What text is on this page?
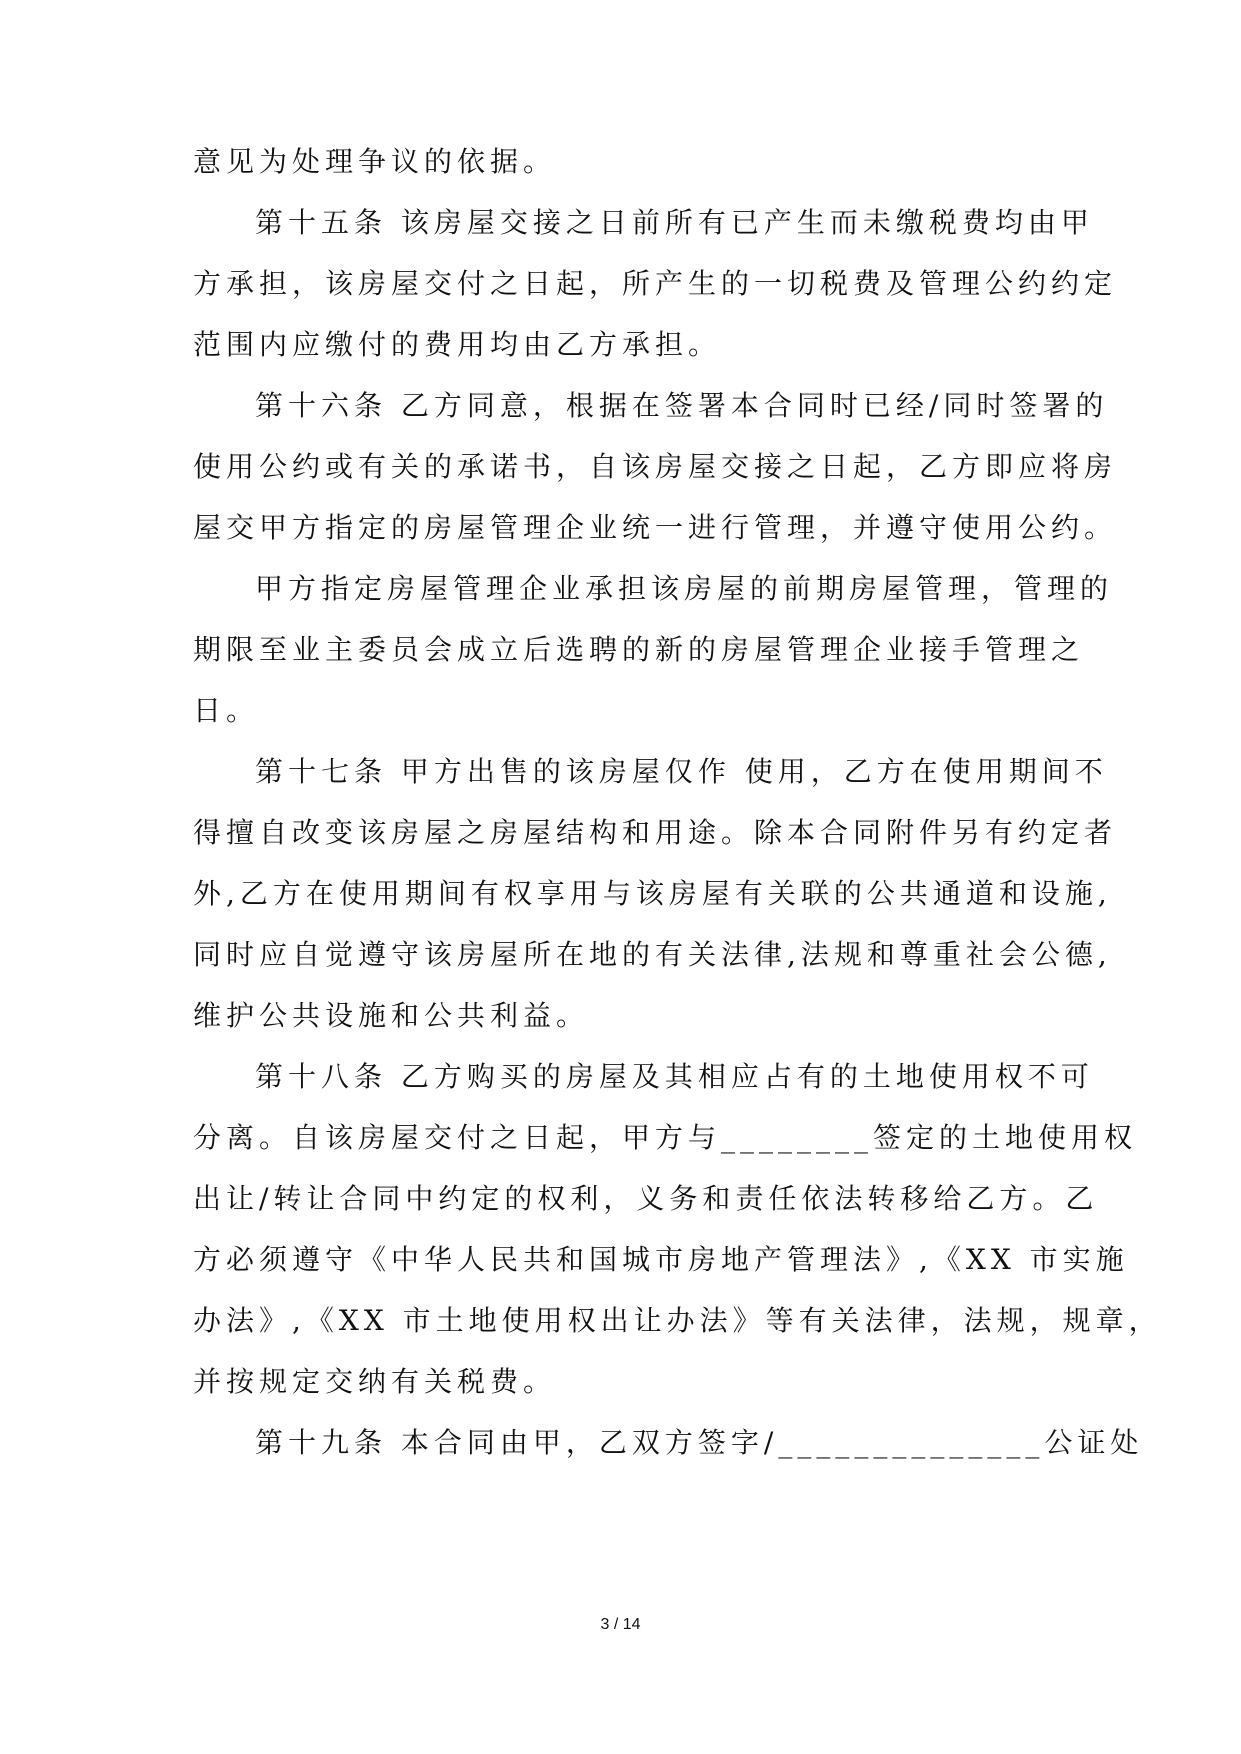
意见为处理争议的依据。
第十五条 该房屋交接之日前所有已产生而未缴税费均由甲
方承担，该房屋交付之日起，所产生的一切税费及管理公约约定
范围内应缴付的费用均由乙方承担。
第十六条 乙方同意，根据在签署本合同时已经/同时签署的
使用公约或有关的承诺书，自该房屋交接之日起，乙方即应将房
屋交甲方指定的房屋管理企业统一进行管理，并遵守使用公约。
甲方指定房屋管理企业承担该房屋的前期房屋管理，管理的
期限至业主委员会成立后选聘的新的房屋管理企业接手管理之
日。
第十七条 甲方出售的该房屋仅作 使用，乙方在使用期间不
得擅自改变该房屋之房屋结构和用途。除本合同附件另有约定者
外,乙方在使用期间有权享用与该房屋有关联的公共通道和设施,
同时应自觉遵守该房屋所在地的有关法律,法规和尊重社会公德,
维护公共设施和公共利益。
第十八条 乙方购买的房屋及其相应占有的土地使用权不可
分离。自该房屋交付之日起，甲方与________签定的土地使用权
出让/转让合同中约定的权利，义务和责任依法转移给乙方。乙
方必须遵守《中华人民共和国城市房地产管理法》,《XX 市实施
办法》,《XX 市土地使用权出让办法》等有关法律，法规，规章，
并按规定交纳有关税费。
第十九条 本合同由甲，乙双方签字/______________公证处
3 / 14
